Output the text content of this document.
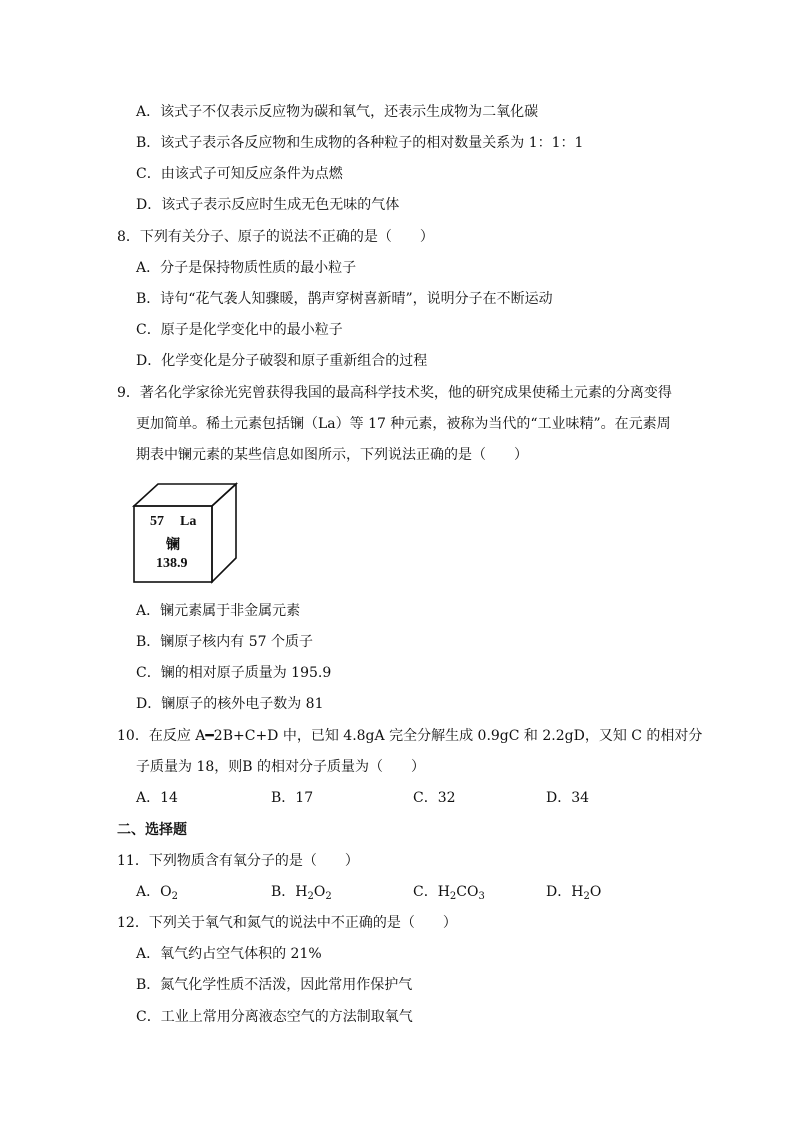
A．该式子不仅表示反应物为碳和氧气，还表示生成物为二氧化碳
B．该式子表示各反应物和生成物的各种粒子的相对数量关系为 1：1：1
C．由该式子可知反应条件为点燃
D．该式子表示反应时生成无色无味的气体
8．下列有关分子、原子的说法不正确的是（　　）
A．分子是保持物质性质的最小粒子
B．诗句“花气袭人知骤暖，鹊声穿树喜新晴”，说明分子在不断运动
C．原子是化学变化中的最小粒子
D．化学变化是分子破裂和原子重新组合的过程
9．著名化学家徐光宪曾获得我国的最高科学技术奖，他的研究成果使稀土元素的分离变得
更加简单。稀土元素包括镧（La）等 17 种元素，被称为当代的“工业味精”。在元素周
期表中镧元素的某些信息如图所示，下列说法正确的是（　　）
57 La
镧
138.9
A．镧元素属于非金属元素
B．镧原子核内有 57 个质子
C．镧的相对原子质量为 195.9
D．镧原子的核外电子数为 81
10．在反应 A━2B+C+D 中，已知 4.8gA 完全分解生成 0.9gC 和 2.2gD，又知 C 的相对分
子质量为 18，则B 的相对分子质量为（　　）
A．14	B．17	C．32	D．34
二、选择题
11．下列物质含有氧分子的是（　　）
A．$O_2$	B．$H_2O_2$	C．$H_2CO_3$	D．$H_2O$
12．下列关于氧气和氮气的说法中不正确的是（　　）
A．氧气约占空气体积的 21%
B．氮气化学性质不活泼，因此常用作保护气
C．工业上常用分离液态空气的方法制取氧气
